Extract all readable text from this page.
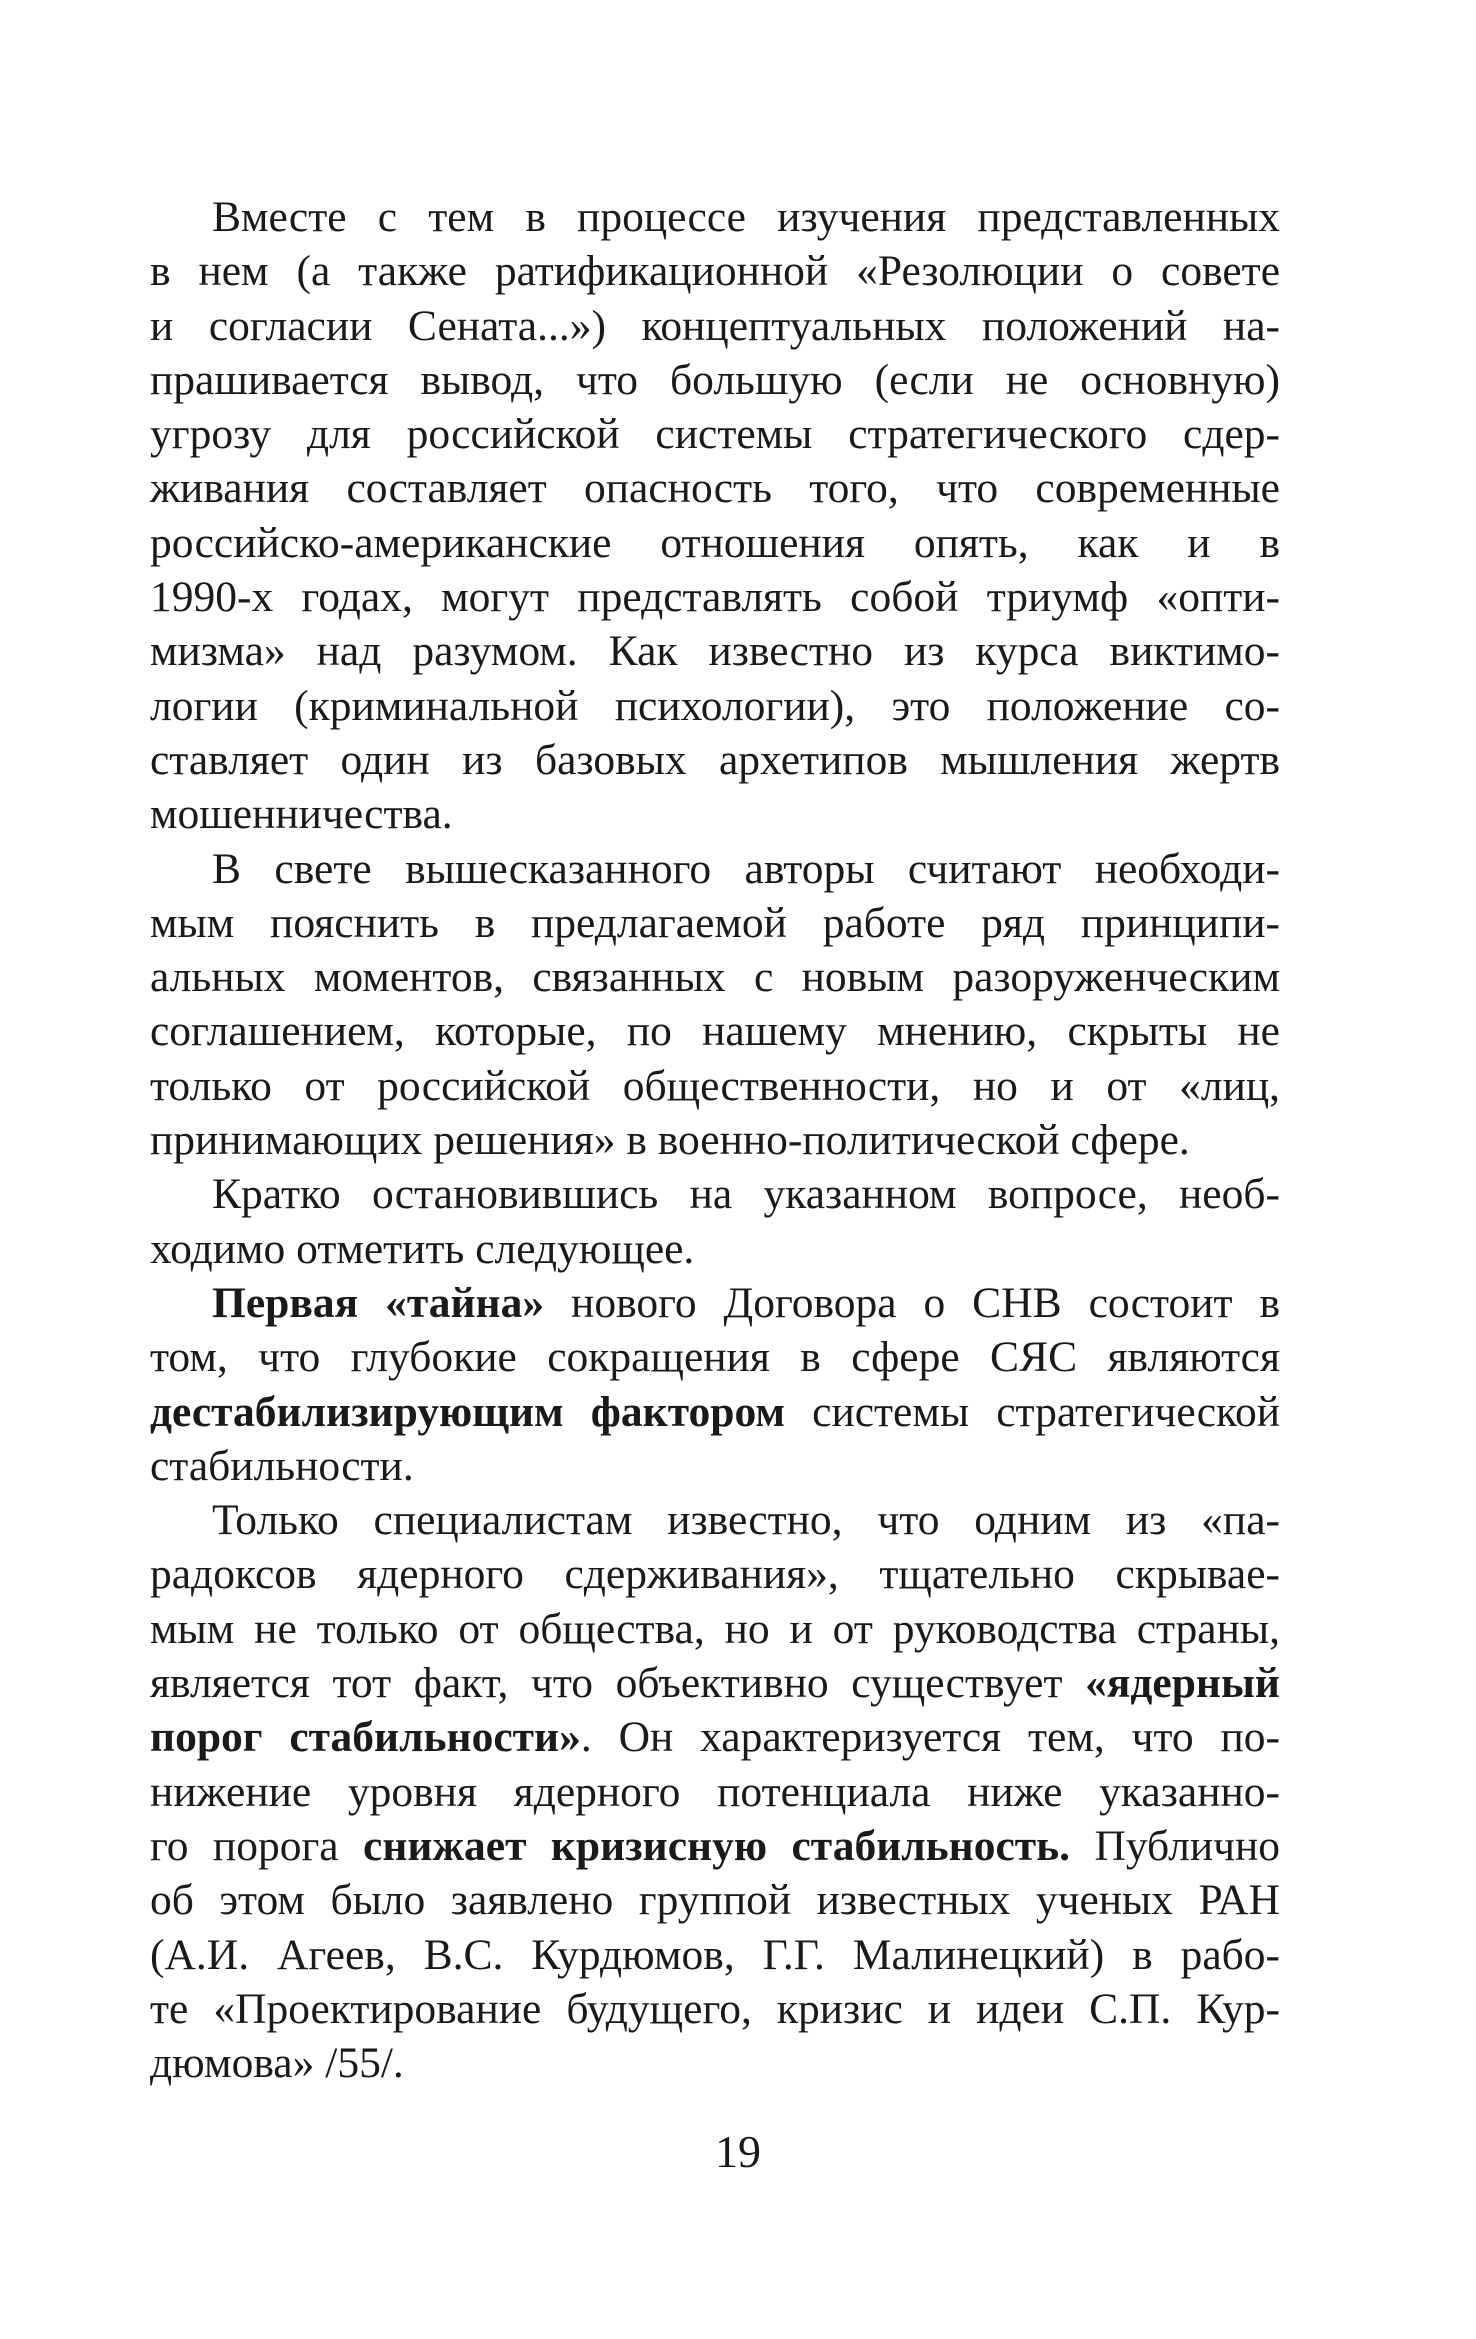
Вместе с тем в процессе изучения представленных
в нем (а также ратификационной «Резолюции о совете
и согласии Сената...») концептуальных положений на-
прашивается вывод, что большую (если не основную)
угрозу для российской системы стратегического сдер-
живания составляет опасность того, что современные
российско-американские отношения опять, как и в
1990-х годах, могут представлять собой триумф «опти-
мизма» над разумом. Как известно из курса виктимо-
логии (криминальной психологии), это положение со-
ставляет один из базовых архетипов мышления жертв
мошенничества.
В свете вышесказанного авторы считают необходи-
мым пояснить в предлагаемой работе ряд принципи-
альных моментов, связанных с новым разоруженческим
соглашением, которые, по нашему мнению, скрыты не
только от российской общественности, но и от «лиц,
принимающих решения» в военно-политической сфере.
Кратко остановившись на указанном вопросе, необ-
ходимо отметить следующее.
Первая «тайна» нового Договора о СНВ состоит в
том, что глубокие сокращения в сфере СЯС являются
дестабилизирующим фактором системы стратегической
стабильности.
Только специалистам известно, что одним из «па-
радоксов ядерного сдерживания», тщательно скрывае-
мым не только от общества, но и от руководства страны,
является тот факт, что объективно существует «ядерный
порог стабильности». Он характеризуется тем, что по-
нижение уровня ядерного потенциала ниже указанно-
го порога снижает кризисную стабильность. Публично
об этом было заявлено группой известных ученых РАН
(А.И. Агеев, В.С. Курдюмов, Г.Г. Малинецкий) в рабо-
те «Проектирование будущего, кризис и идеи С.П. Кур-
дюмова» /55/.
19
